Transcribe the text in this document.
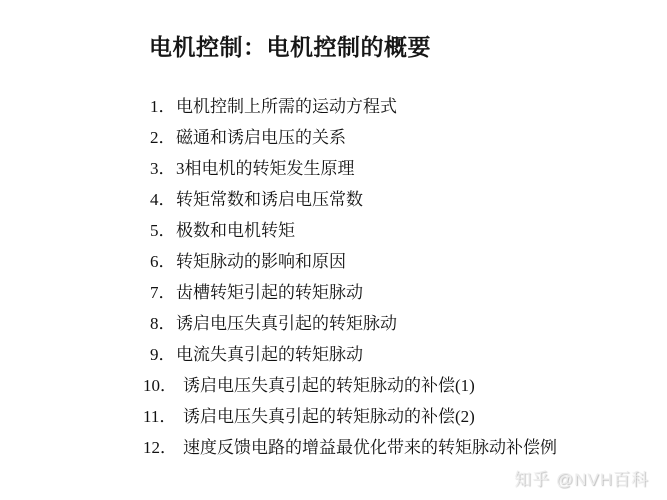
电机控制：电机控制的概要
1．电机控制上所需的运动方程式
2．磁通和诱启电压的关系
3．3相电机的转矩发生原理
4．转矩常数和诱启电压常数
5．极数和电机转矩
6．转矩脉动的影响和原因
7．齿槽转矩引起的转矩脉动
8．诱启电压失真引起的转矩脉动
9．电流失真引起的转矩脉动
10． 诱启电压失真引起的转矩脉动的补偿(1)
11． 诱启电压失真引起的转矩脉动的补偿(2)
12． 速度反馈电路的增益最优化带来的转矩脉动补偿例
知乎 @NVH百科
